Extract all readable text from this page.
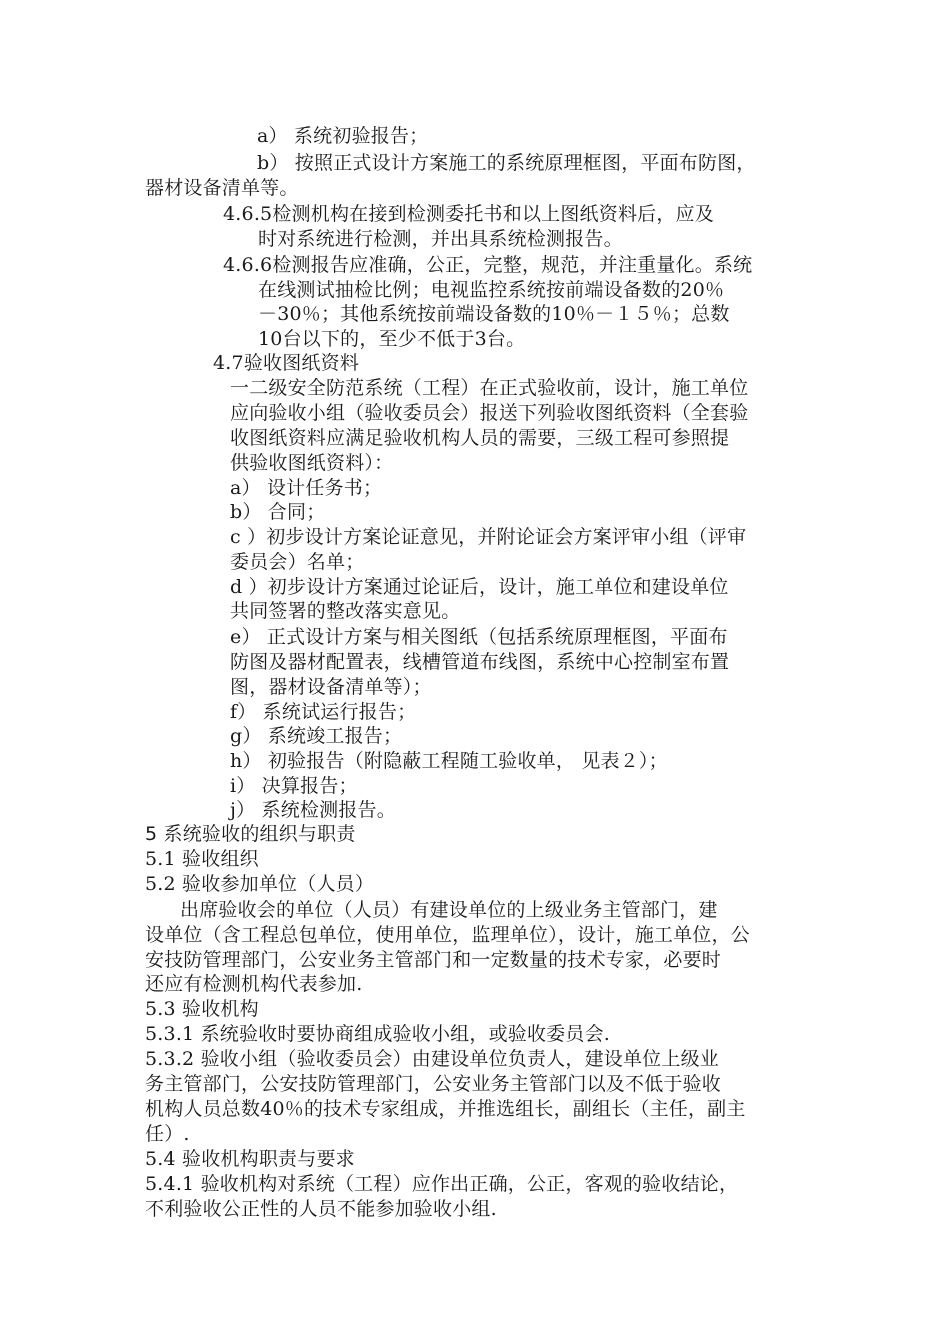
a） 系统初验报告；
b） 按照正式设计方案施工的系统原理框图，平面布防图，
器材设备清单等。
4.6.5检测机构在接到检测委托书和以上图纸资料后，应及
时对系统进行检测，并出具系统检测报告。
4.6.6检测报告应准确，公正，完整，规范，并注重量化。系统
在线测试抽检比例；电视监控系统按前端设备数的20％
－30％；其他系统按前端设备数的10％－１５％；总数
10台以下的，至少不低于3台。
4.7验收图纸资料
一二级安全防范系统（工程）在正式验收前，设计，施工单位
应向验收小组（验收委员会）报送下列验收图纸资料（全套验
收图纸资料应满足验收机构人员的需要，三级工程可参照提
供验收图纸资料）：
a） 设计任务书；
b） 合同；
c ）初步设计方案论证意见，并附论证会方案评审小组（评审
委员会）名单；
d ）初步设计方案通过论证后，设计，施工单位和建设单位
共同签署的整改落实意见。
e） 正式设计方案与相关图纸（包括系统原理框图，平面布
防图及器材配置表，线槽管道布线图，系统中心控制室布置
图，器材设备清单等）；
f） 系统试运行报告；
g） 系统竣工报告；
h） 初验报告（附隐蔽工程随工验收单， 见表２）；
i） 决算报告；
j） 系统检测报告。
5 系统验收的组织与职责
5.1 验收组织
5.2 验收参加单位（人员）
出席验收会的单位（人员）有建设单位的上级业务主管部门，建
设单位（含工程总包单位，使用单位，监理单位），设计，施工单位，公
安技防管理部门，公安业务主管部门和一定数量的技术专家，必要时
还应有检测机构代表参加.
5.3 验收机构
5.3.1 系统验收时要协商组成验收小组，或验收委员会.
5.3.2 验收小组（验收委员会）由建设单位负责人，建设单位上级业
务主管部门，公安技防管理部门，公安业务主管部门以及不低于验收
机构人员总数40％的技术专家组成，并推选组长，副组长（主任，副主
任）.
5.4 验收机构职责与要求
5.4.1 验收机构对系统（工程）应作出正确，公正，客观的验收结论，
不利验收公正性的人员不能参加验收小组.
